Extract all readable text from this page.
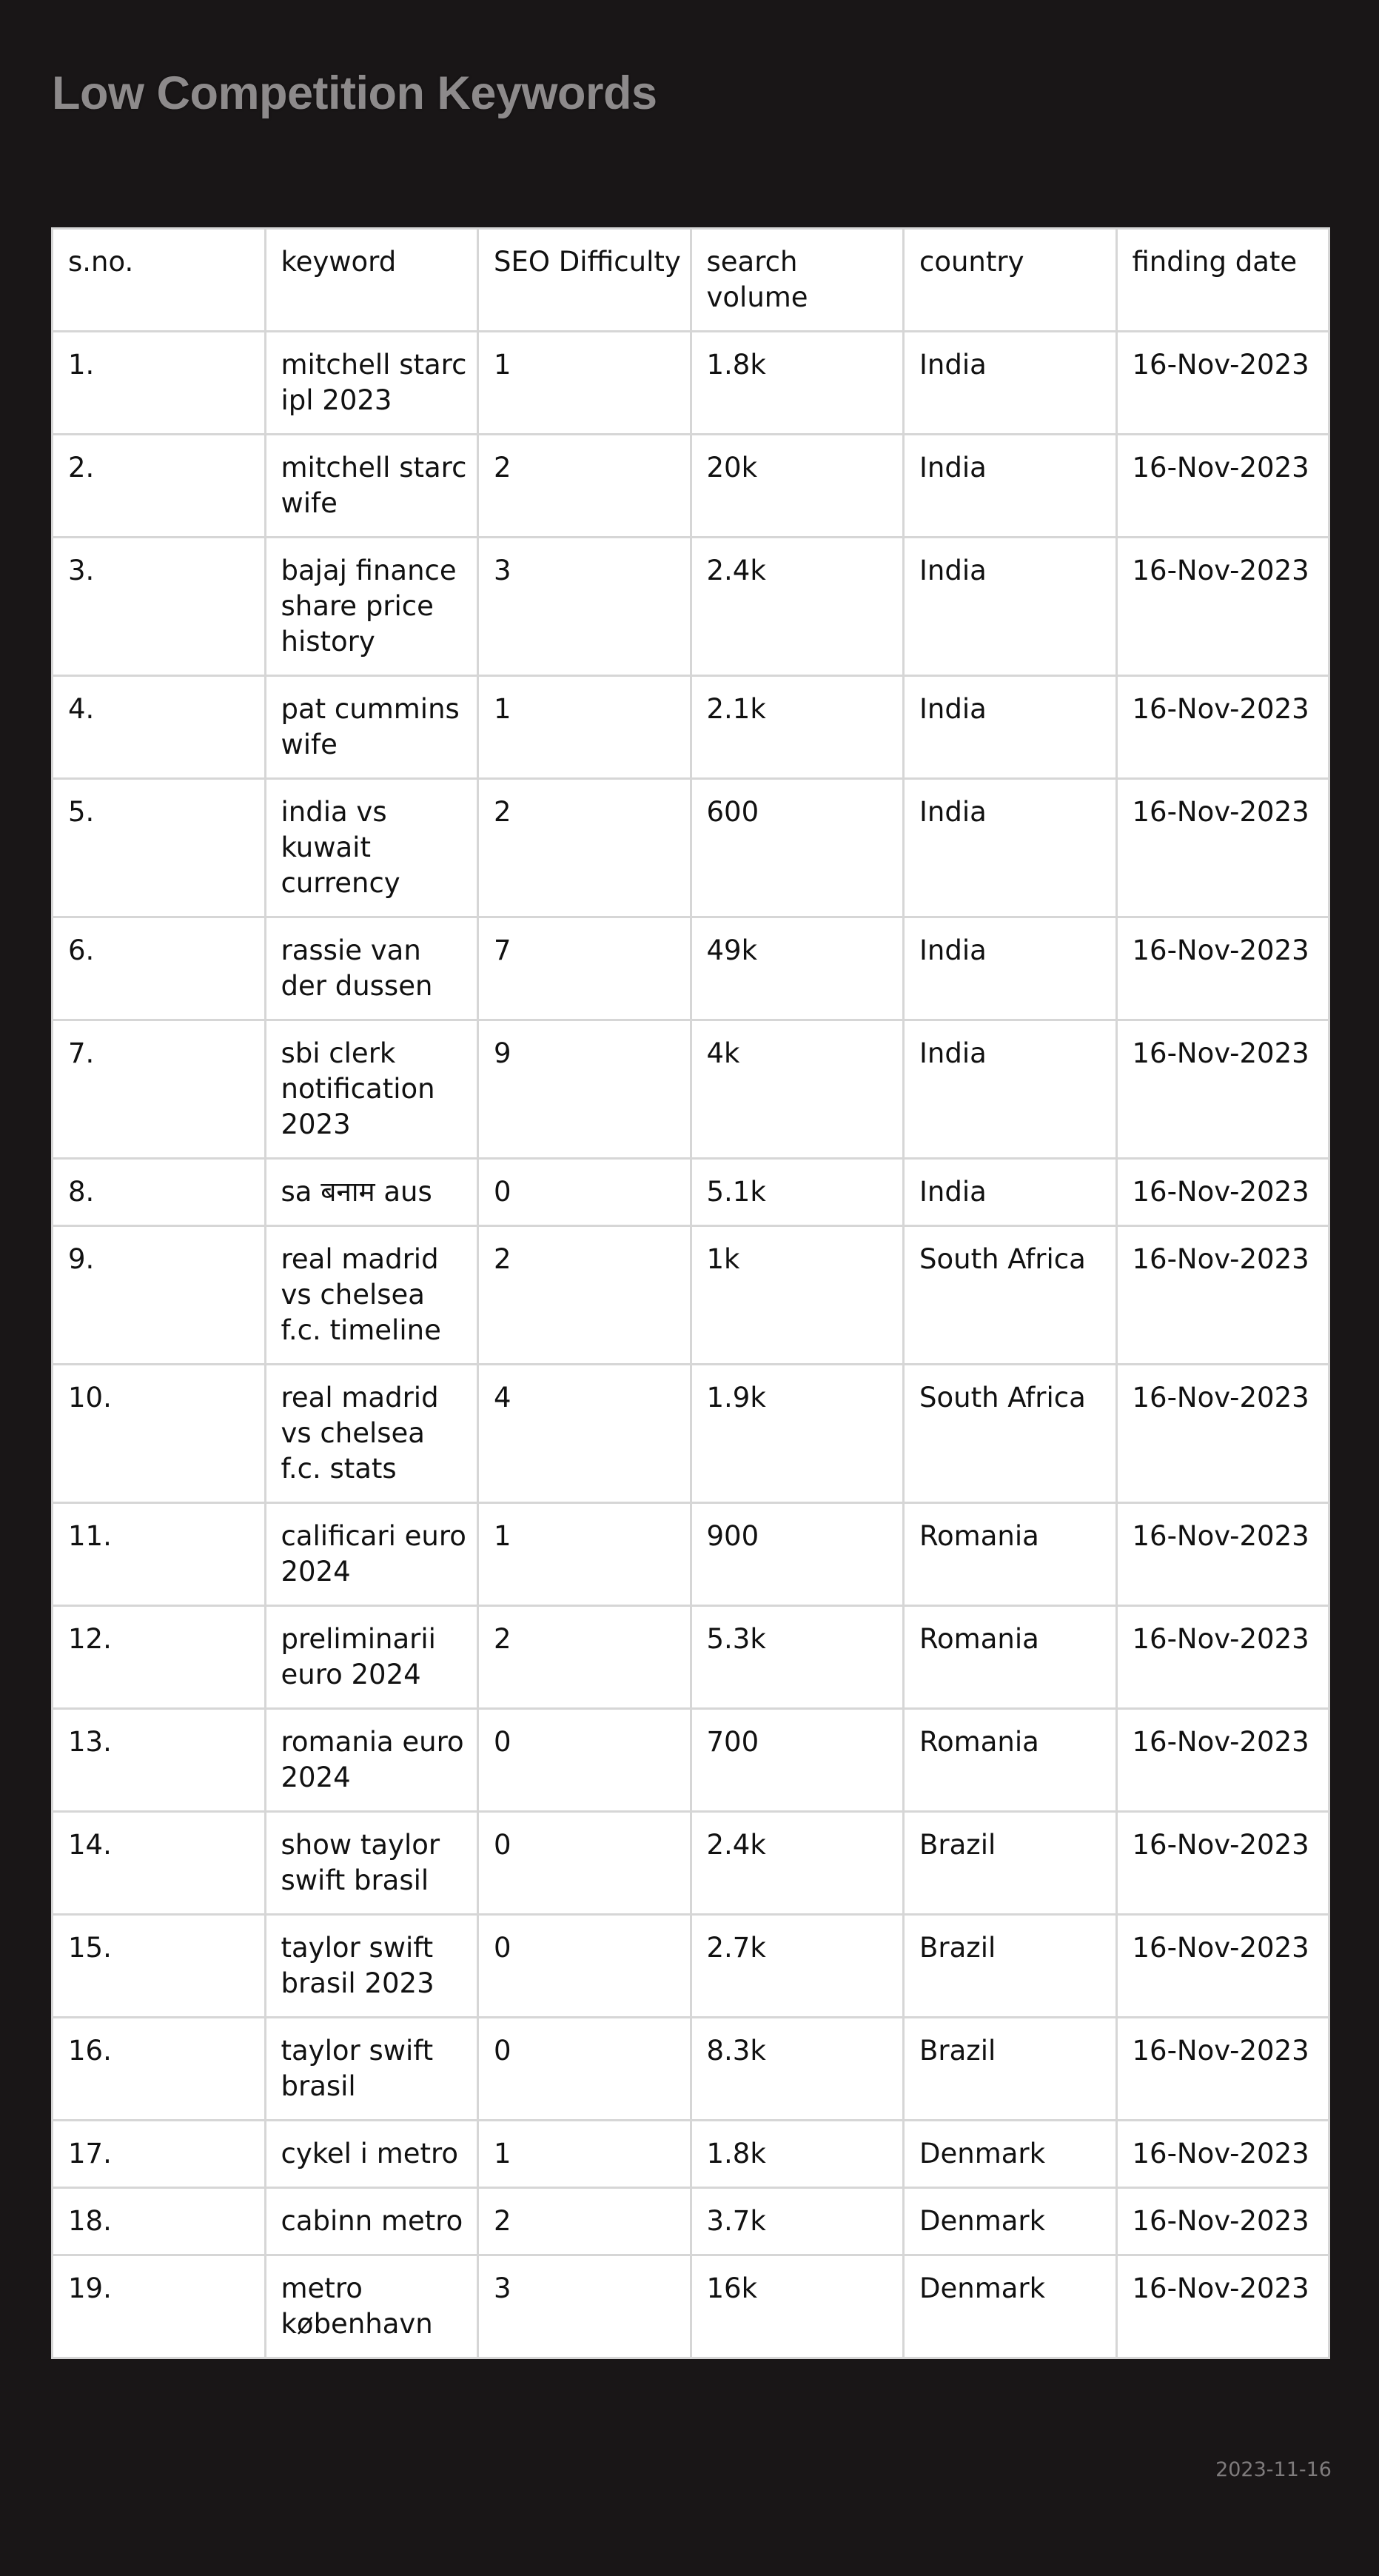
Low Competition Keywords
s.no.	keyword	SEO Difficulty	search volume	country	finding date
1.	mitchell starc ipl 2023	1	1.8k	India	16-Nov-2023
2.	mitchell starc wife	2	20k	India	16-Nov-2023
3.	bajaj finance share price history	3	2.4k	India	16-Nov-2023
4.	pat cummins wife	1	2.1k	India	16-Nov-2023
5.	india vs kuwait currency	2	600	India	16-Nov-2023
6.	rassie van der dussen	7	49k	India	16-Nov-2023
7.	sbi clerk notification 2023	9	4k	India	16-Nov-2023
8.	sa बनाम aus	0	5.1k	India	16-Nov-2023
9.	real madrid vs chelsea f.c. timeline	2	1k	South Africa	16-Nov-2023
10.	real madrid vs chelsea f.c. stats	4	1.9k	South Africa	16-Nov-2023
11.	calificari euro 2024	1	900	Romania	16-Nov-2023
12.	preliminarii euro 2024	2	5.3k	Romania	16-Nov-2023
13.	romania euro 2024	0	700	Romania	16-Nov-2023
14.	show taylor swift brasil	0	2.4k	Brazil	16-Nov-2023
15.	taylor swift brasil 2023	0	2.7k	Brazil	16-Nov-2023
16.	taylor swift brasil	0	8.3k	Brazil	16-Nov-2023
17.	cykel i metro	1	1.8k	Denmark	16-Nov-2023
18.	cabinn metro	2	3.7k	Denmark	16-Nov-2023
19.	metro københavn	3	16k	Denmark	16-Nov-2023
2023-11-16
